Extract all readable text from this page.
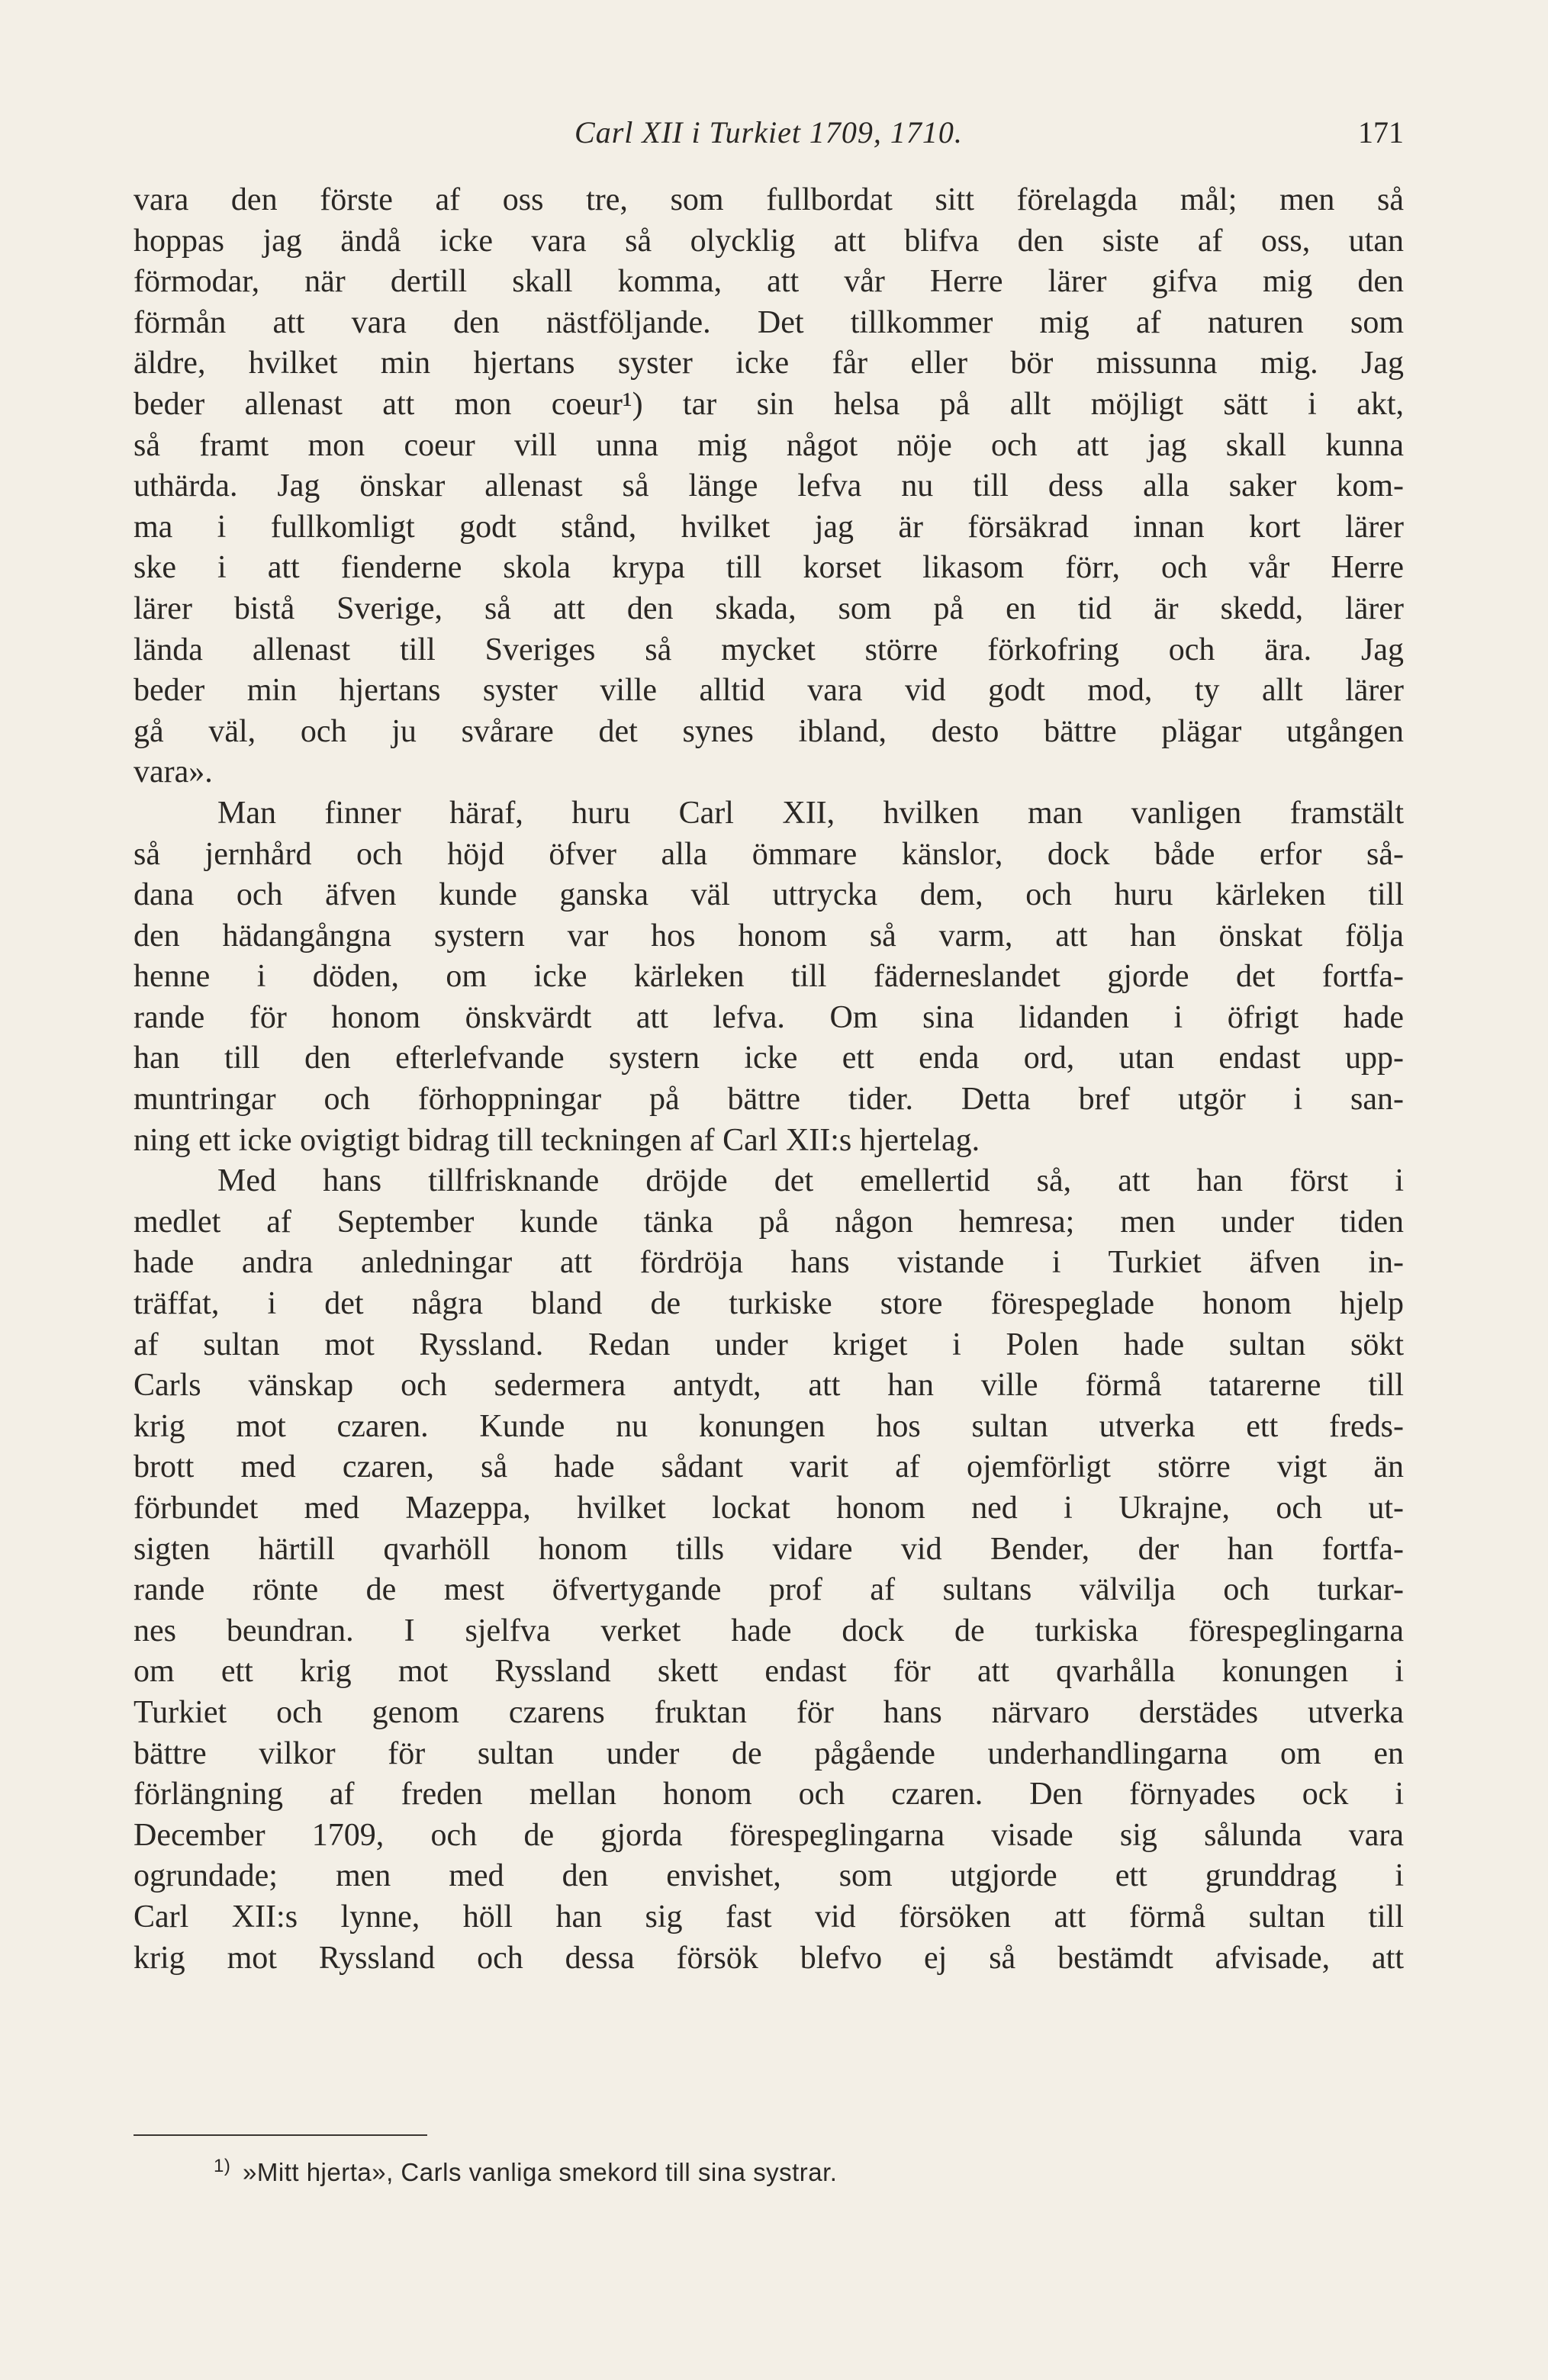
Carl XII i Turkiet 1709, 1710.	171
vara den förste af oss tre, som fullbordat sitt förelagda mål; men så
hoppas jag ändå icke vara så olycklig att blifva den siste af oss, utan
förmodar, när dertill skall komma, att vår Herre lärer gifva mig den
förmån att vara den nästföljande. Det tillkommer mig af naturen som
äldre, hvilket min hjertans syster icke får eller bör missunna mig. Jag
beder allenast att mon coeur¹) tar sin helsa på allt möjligt sätt i akt,
så framt mon coeur vill unna mig något nöje och att jag skall kunna
uthärda. Jag önskar allenast så länge lefva nu till dess alla saker kom-
ma i fullkomligt godt stånd, hvilket jag är försäkrad innan kort lärer
ske i att fienderne skola krypa till korset likasom förr, och vår Herre
lärer bistå Sverige, så att den skada, som på en tid är skedd, lärer
lända allenast till Sveriges så mycket större förkofring och ära. Jag
beder min hjertans syster ville alltid vara vid godt mod, ty allt lärer
gå väl, och ju svårare det synes ibland, desto bättre plägar utgången
vara».
Man finner häraf, huru Carl XII, hvilken man vanligen framstält
så jernhård och höjd öfver alla ömmare känslor, dock både erfor så-
dana och äfven kunde ganska väl uttrycka dem, och huru kärleken till
den hädangångna systern var hos honom så varm, att han önskat följa
henne i döden, om icke kärleken till fäderneslandet gjorde det fortfa-
rande för honom önskvärdt att lefva. Om sina lidanden i öfrigt hade
han till den efterlefvande systern icke ett enda ord, utan endast upp-
muntringar och förhoppningar på bättre tider. Detta bref utgör i san-
ning ett icke ovigtigt bidrag till teckningen af Carl XII:s hjertelag.
Med hans tillfrisknande dröjde det emellertid så, att han först i
medlet af September kunde tänka på någon hemresa; men under tiden
hade andra anledningar att fördröja hans vistande i Turkiet äfven in-
träffat, i det några bland de turkiske store förespeglade honom hjelp
af sultan mot Ryssland. Redan under kriget i Polen hade sultan sökt
Carls vänskap och sedermera antydt, att han ville förmå tatarerne till
krig mot czaren. Kunde nu konungen hos sultan utverka ett freds-
brott med czaren, så hade sådant varit af ojemförligt större vigt än
förbundet med Mazeppa, hvilket lockat honom ned i Ukrajne, och ut-
sigten härtill qvarhöll honom tills vidare vid Bender, der han fortfa-
rande rönte de mest öfvertygande prof af sultans välvilja och turkar-
nes beundran. I sjelfva verket hade dock de turkiska förespeglingarna
om ett krig mot Ryssland skett endast för att qvarhålla konungen i
Turkiet och genom czarens fruktan för hans närvaro derstädes utverka
bättre vilkor för sultan under de pågående underhandlingarna om en
förlängning af freden mellan honom och czaren. Den förnyades ock i
December 1709, och de gjorda förespeglingarna visade sig sålunda vara
ogrundade; men med den envishet, som utgjorde ett grunddrag i
Carl XII:s lynne, höll han sig fast vid försöken att förmå sultan till
krig mot Ryssland och dessa försök blefvo ej så bestämdt afvisade, att
$^{1)}$ »Mitt hjerta», Carls vanliga smekord till sina systrar.
